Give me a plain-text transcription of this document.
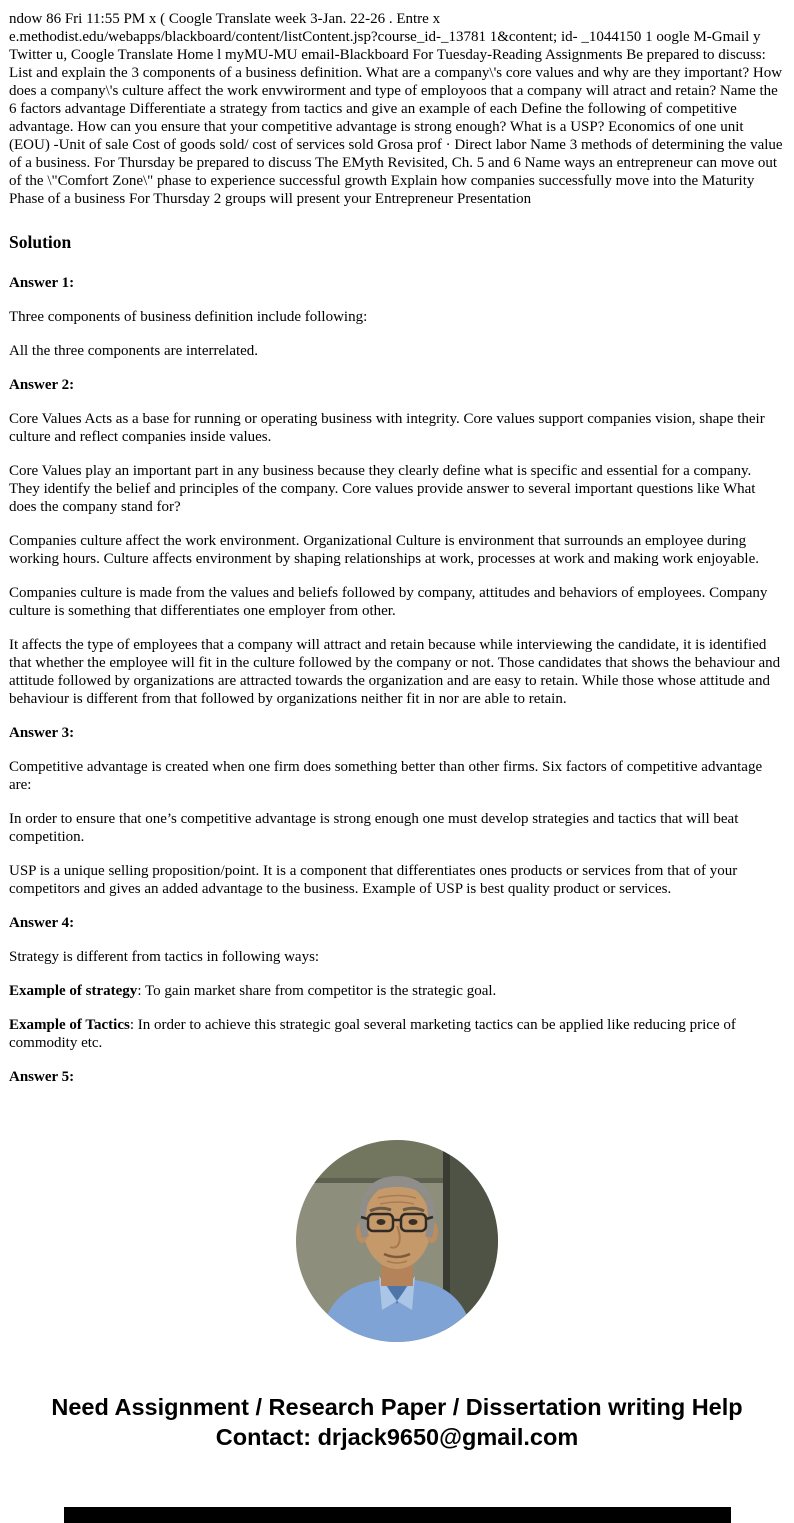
ndow 86 Fri 11:55 PM x ( Coogle Translate week 3-Jan. 22-26 . Entre x e.methodist.edu/webapps/blackboard/content/listContent.jsp?course_id-_13781 1&content; id- _1044150 1 oogle M-Gmail y Twitter u, Coogle Translate Home l myMU-MU email-Blackboard For Tuesday-Reading Assignments Be prepared to discuss: List and explain the 3 components of a business definition. What are a company\'s core values and why are they important? How does a company\'s culture affect the work envwirorment and type of employoos that a company will atract and retain? Name the 6 factors advantage Differentiate a strategy from tactics and give an example of each Define the following of competitive advantage. How can you ensure that your competitive advantage is strong enough? What is a USP? Economics of one unit (EOU) -Unit of sale Cost of goods sold/ cost of services sold Grosa prof · Direct labor Name 3 methods of determining the value of a business. For Thursday be prepared to discuss The EMyth Revisited, Ch. 5 and 6 Name ways an entrepreneur can move out of the \"Comfort Zone\" phase to experience successful growth Explain how companies successfully move into the Maturity Phase of a business For Thursday 2 groups will present your Entrepreneur Presentation

Solution

Answer 1:

Three components of business definition include following:

All the three components are interrelated.

Answer 2:

Core Values Acts as a base for running or operating business with integrity. Core values support companies vision, shape their culture and reflect companies inside values.

Core Values play an important part in any business because they clearly define what is specific and essential for a company. They identify the belief and principles of the company. Core values provide answer to several important questions like What does the company stand for?

Companies culture affect the work environment. Organizational Culture is environment that surrounds an employee during working hours. Culture affects environment by shaping relationships at work, processes at work and making work enjoyable.

Companies culture is made from the values and beliefs followed by company, attitudes and behaviors of employees. Company culture is something that differentiates one employer from other.

It affects the type of employees that a company will attract and retain because while interviewing the candidate, it is identified that whether the employee will fit in the culture followed by the company or not. Those candidates that shows the behaviour and attitude followed by organizations are attracted towards the organization and are easy to retain. While those whose attitude and behaviour is different from that followed by organizations neither fit in nor are able to retain.

Answer 3:

Competitive advantage is created when one firm does something better than other firms. Six factors of competitive advantage are:

In order to ensure that one’s competitive advantage is strong enough one must develop strategies and tactics that will beat competition.

USP is a unique selling proposition/point. It is a component that differentiates ones products or services from that of your competitors and gives an added advantage to the business. Example of USP is best quality product or services.

Answer 4:

Strategy is different from tactics in following ways:

Example of strategy: To gain market share from competitor is the strategic goal.

Example of Tactics: In order to achieve this strategic goal several marketing tactics can be applied like reducing price of commodity etc.

Answer 5:

Need Assignment / Research Paper / Dissertation writing Help
Contact: drjack9650@gmail.com
